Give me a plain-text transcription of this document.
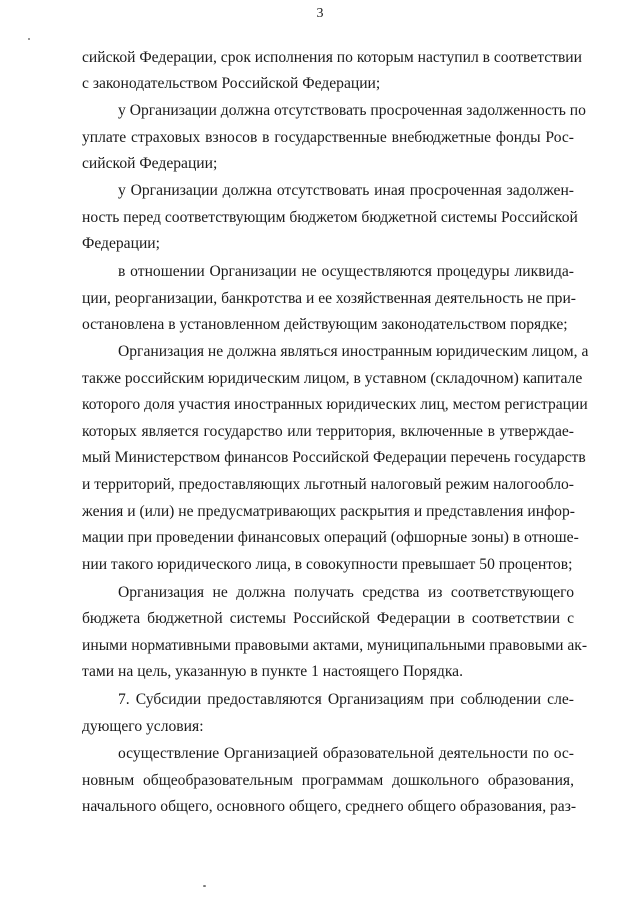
3
сийской Федерации, срок исполнения по которым наступил в соответствии
с законодательством Российской Федерации;
у Организации должна отсутствовать просроченная задолженность по
уплате страховых взносов в государственные внебюджетные фонды Рос-
сийской Федерации;
у Организации должна отсутствовать иная просроченная задолжен-
ность перед соответствующим бюджетом бюджетной системы Российской
Федерации;
в отношении Организации не осуществляются процедуры ликвида-
ции, реорганизации, банкротства и ее хозяйственная деятельность не при-
остановлена в установленном действующим законодательством порядке;
Организация не должна являться иностранным юридическим лицом, а
также российским юридическим лицом, в уставном (складочном) капитале
которого доля участия иностранных юридических лиц, местом регистрации
которых является государство или территория, включенные в утверждае-
мый Министерством финансов Российской Федерации перечень государств
и территорий, предоставляющих льготный налоговый режим налогообло-
жения и (или) не предусматривающих раскрытия и представления инфор-
мации при проведении финансовых операций (офшорные зоны) в отноше-
нии такого юридического лица, в совокупности превышает 50 процентов;
Организация не должна получать средства из соответствующего
бюджета бюджетной системы Российской Федерации в соответствии с
иными нормативными правовыми актами, муниципальными правовыми ак-
тами на цель, указанную в пункте 1 настоящего Порядка.
7. Субсидии предоставляются Организациям при соблюдении сле-
дующего условия:
осуществление Организацией образовательной деятельности по ос-
новным общеобразовательным программам дошкольного образования,
начального общего, основного общего, среднего общего образования, раз-
